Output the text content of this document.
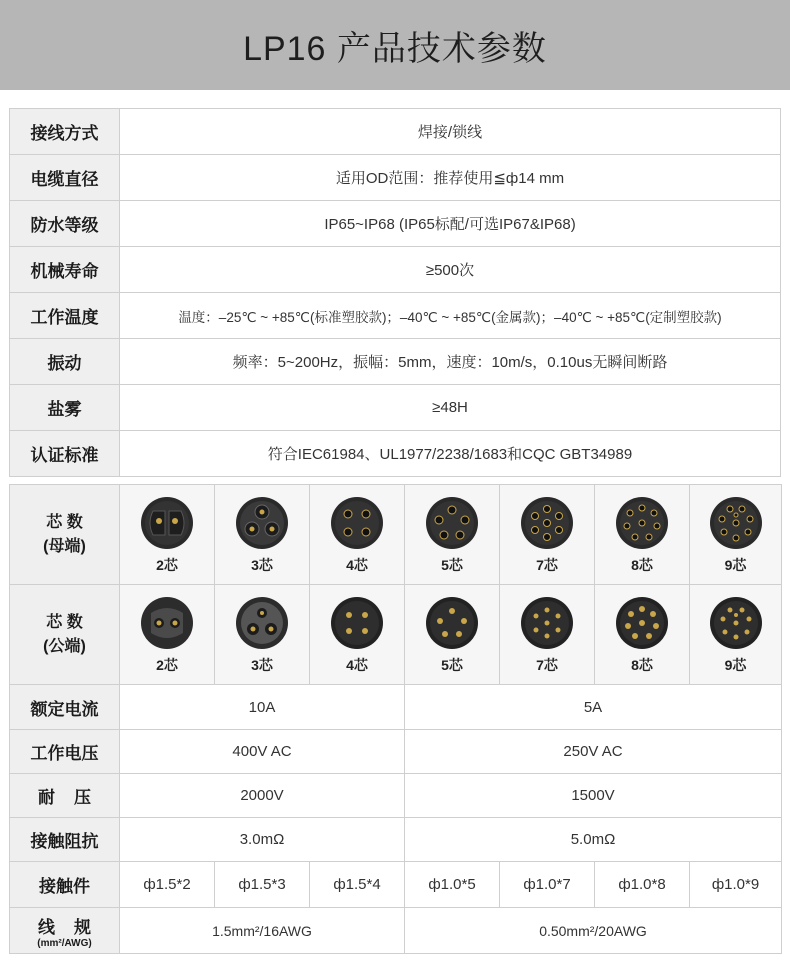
LP16 产品技术参数
接线方式	焊接/锁线
电缆直径	适用OD范围：推荐使用≦ф14 mm
防水等级	IP65~IP68 (IP65标配/可选IP67&IP68)
机械寿命	≥500次
工作温度	温度：–25℃ ~ +85℃(标准塑胶款)；–40℃ ~ +85℃(金属款)；–40℃ ~ +85℃(定制塑胶款)
振动	频率：5~200Hz，振幅：5mm，速度：10m/s，0.10us无瞬间断路
盐雾	≥48H
认证标准	符合IEC61984、UL1977/2238/1683和CQC GBT34989
芯 数
(母端)	2芯	3芯	4芯	5芯	7芯	8芯	9芯

芯 数
(公端)	2芯	3芯	4芯	5芯	7芯	8芯	9芯

额定电流	10A			5A			
工作电压	400V AC			250V AC			
耐    压	2000V			1500V			
接触阻抗	3.0mΩ			5.0mΩ			
接触件	ф1.5*2	ф1.5*3	ф1.5*4	ф1.0*5	ф1.0*7	ф1.0*8	ф1.0*9

线    规
(mm²/AWG)	1.5mm²/16AWG			0.50mm²/20AWG			
